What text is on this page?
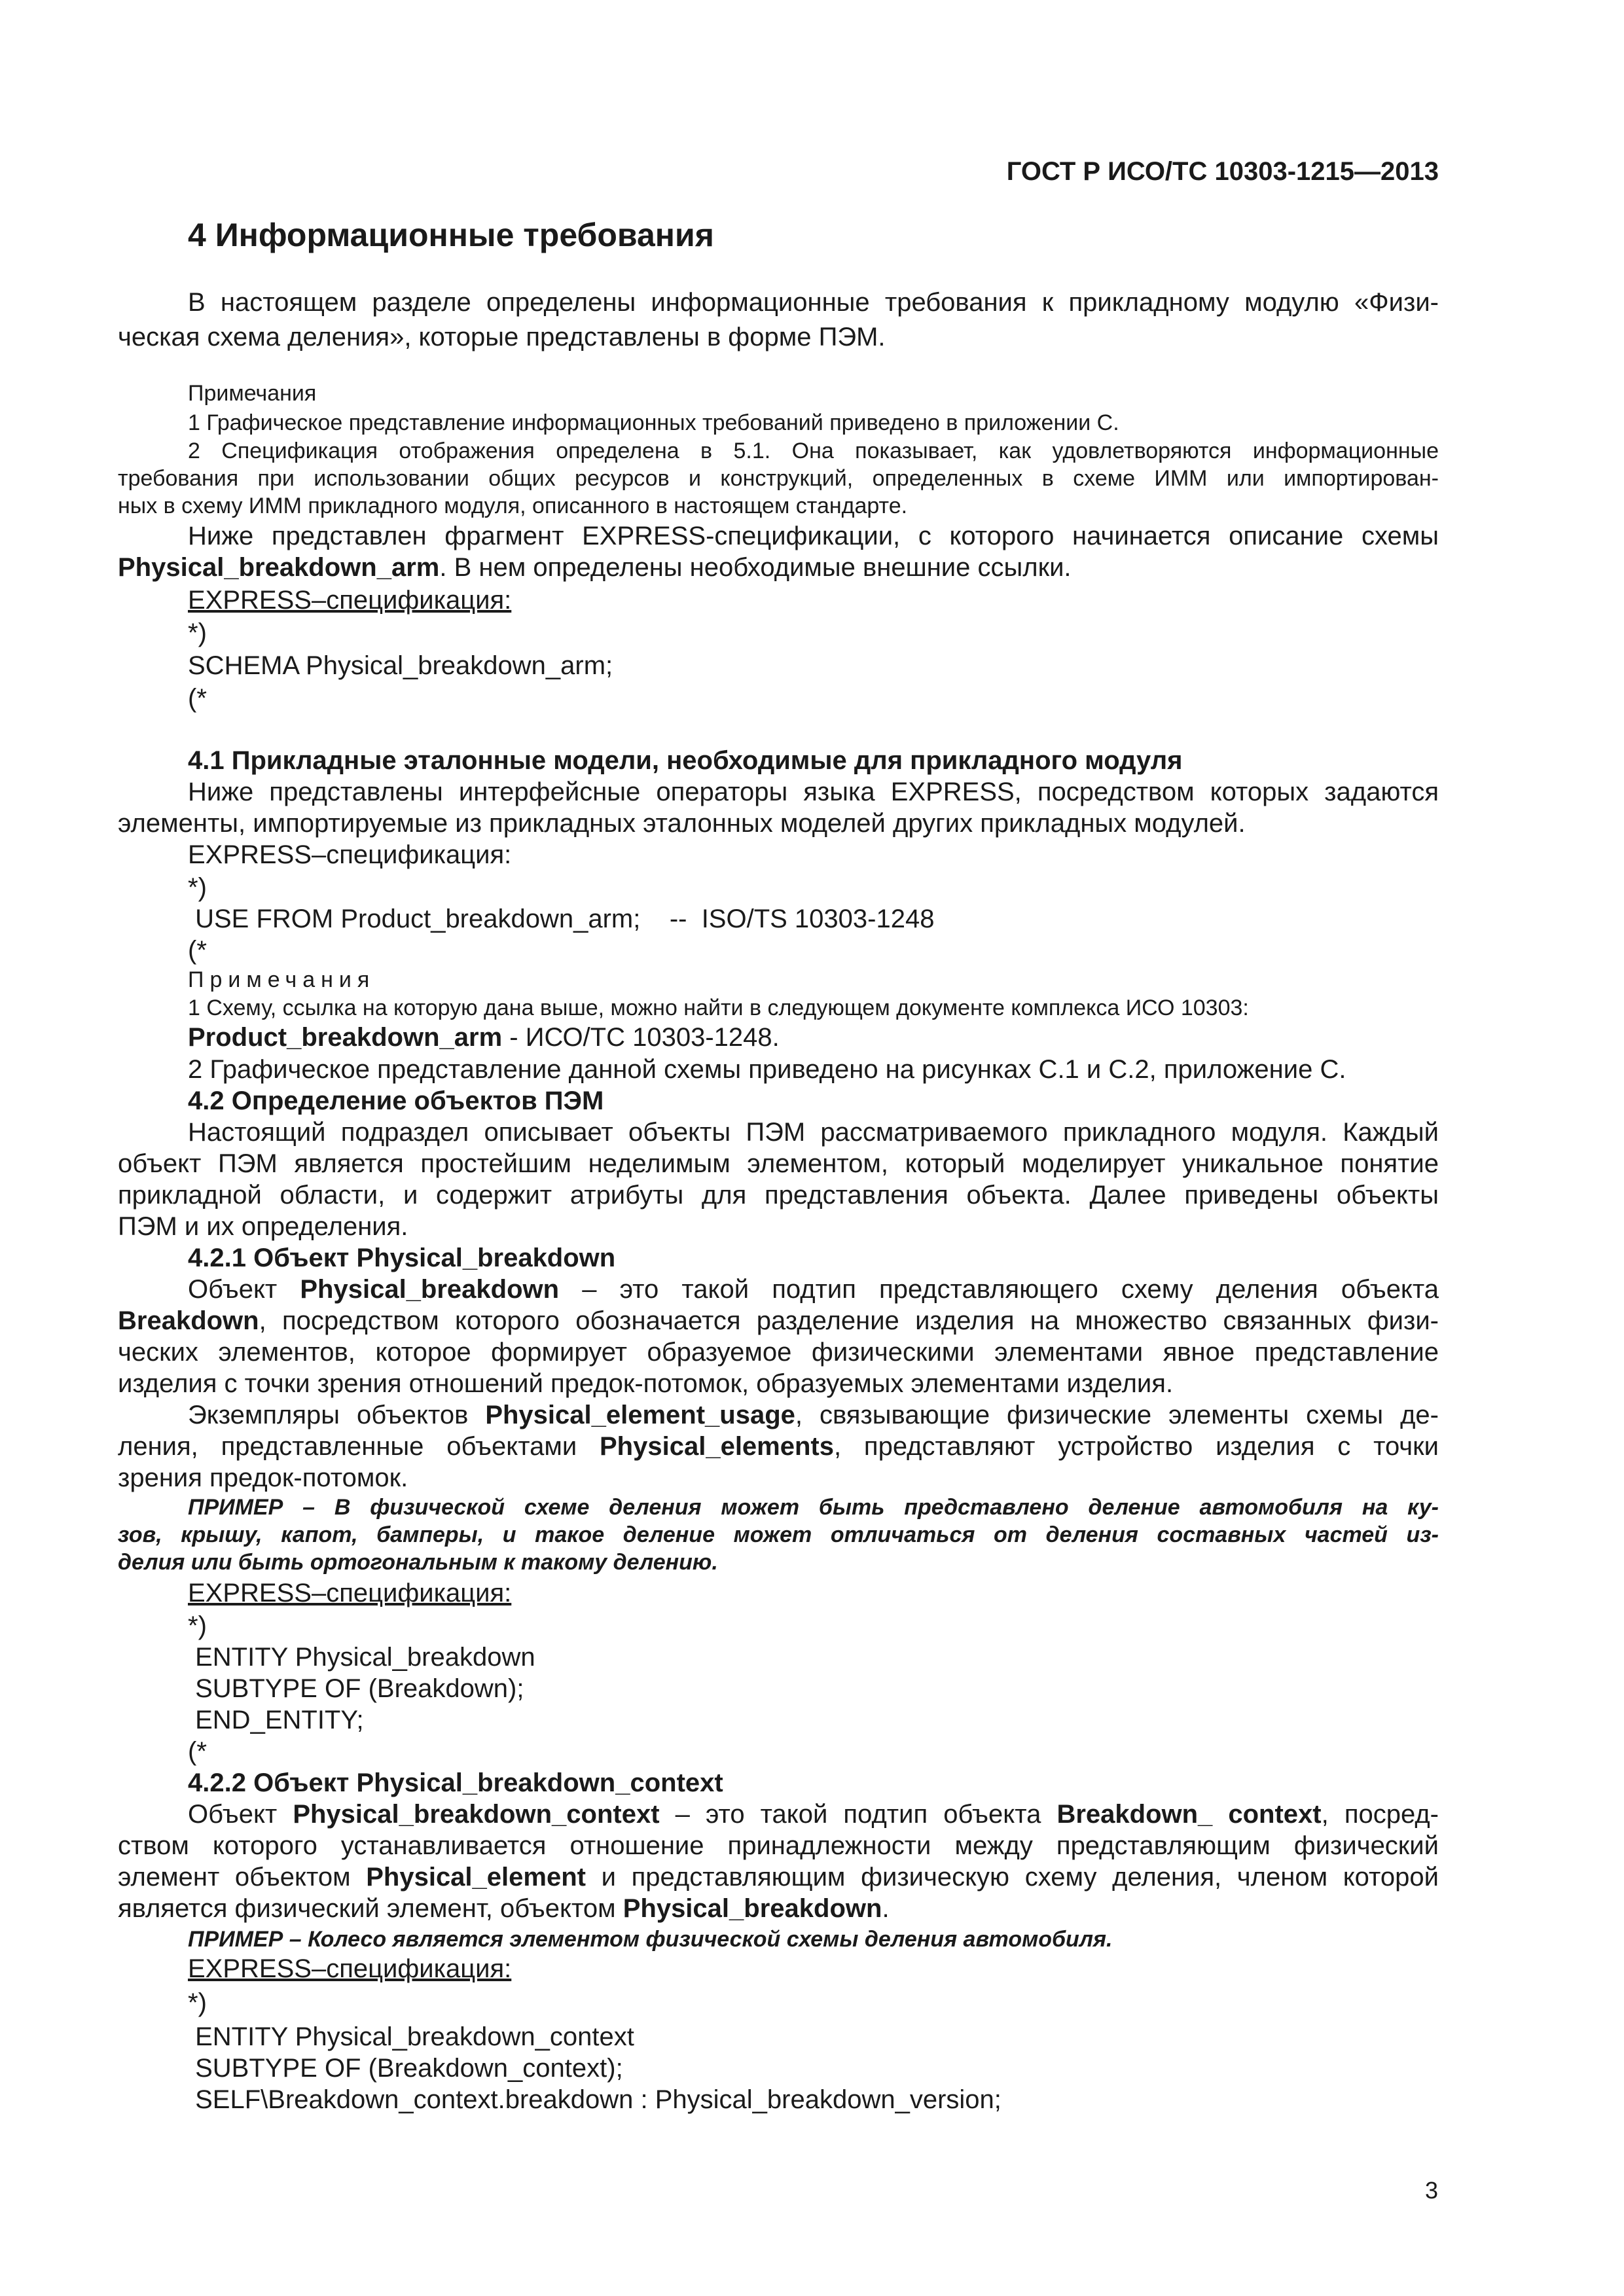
ГОСТ Р ИСО/ТС 10303-1215—2013
4 Информационные требования
В настоящем разделе определены информационные требования к прикладному модулю «Физи-
ческая схема деления», которые представлены в форме ПЭМ.
Примечания
1 Графическое представление информационных требований приведено в приложении С.
2 Спецификация отображения определена в 5.1. Она показывает, как удовлетворяются информационные
требования при использовании общих ресурсов и конструкций, определенных в схеме ИММ или импортирован-
ных в схему ИММ прикладного модуля, описанного в настоящем стандарте.
Ниже представлен фрагмент EXPRESS-спецификации, с которого начинается описание схемы
Physical_breakdown_arm. В нем определены необходимые внешние ссылки.
EXPRESS–спецификация:
*)
SCHEMA Physical_breakdown_arm;
(*
4.1 Прикладные эталонные модели, необходимые для прикладного модуля
Ниже представлены интерфейсные операторы языка EXPRESS, посредством которых задаются
элементы, импортируемые из прикладных эталонных моделей других прикладных модулей.
EXPRESS–спецификация:
*)
USE FROM Product_breakdown_arm;    --  ISO/TS 10303-1248
(*
Примечания
1 Схему, ссылка на которую дана выше, можно найти в следующем документе комплекса ИСО 10303:
Product_breakdown_arm - ИСО/ТС 10303-1248.
2 Графическое представление данной схемы приведено на рисунках С.1 и С.2, приложение С.
4.2 Определение объектов ПЭМ
Настоящий подраздел описывает объекты ПЭМ рассматриваемого прикладного модуля. Каждый
объект ПЭМ является простейшим неделимым элементом, который моделирует уникальное понятие
прикладной области, и содержит атрибуты для представления объекта. Далее приведены объекты
ПЭМ и их определения.
4.2.1 Объект Physical_breakdown
Объект Physical_breakdown – это такой подтип представляющего схему деления объекта
Breakdown, посредством которого обозначается разделение изделия на множество связанных физи-
ческих элементов, которое формирует образуемое физическими элементами явное представление
изделия с точки зрения отношений предок-потомок, образуемых элементами изделия.
Экземпляры объектов Physical_element_usage, связывающие физические элементы схемы де-
ления, представленные объектами Physical_elements, представляют устройство изделия с точки
зрения предок-потомок.
ПРИМЕР – В физической схеме деления может быть представлено деление автомобиля на ку-
зов, крышу, капот, бамперы, и такое деление может отличаться от деления составных частей из-
делия или быть ортогональным к такому делению.
EXPRESS–спецификация:
*)
ENTITY Physical_breakdown
SUBTYPE OF (Breakdown);
END_ENTITY;
(*
4.2.2 Объект Physical_breakdown_context
Объект Physical_breakdown_context – это такой подтип объекта Breakdown_ context, посред-
ством которого устанавливается отношение принадлежности между представляющим физический
элемент объектом Physical_element и представляющим физическую схему деления, членом которой
является физический элемент, объектом Physical_breakdown.
ПРИМЕР – Колесо является элементом физической схемы деления автомобиля.
EXPRESS–спецификация:
*)
ENTITY Physical_breakdown_context
SUBTYPE OF (Breakdown_context);
SELF\Breakdown_context.breakdown : Physical_breakdown_version;
3
